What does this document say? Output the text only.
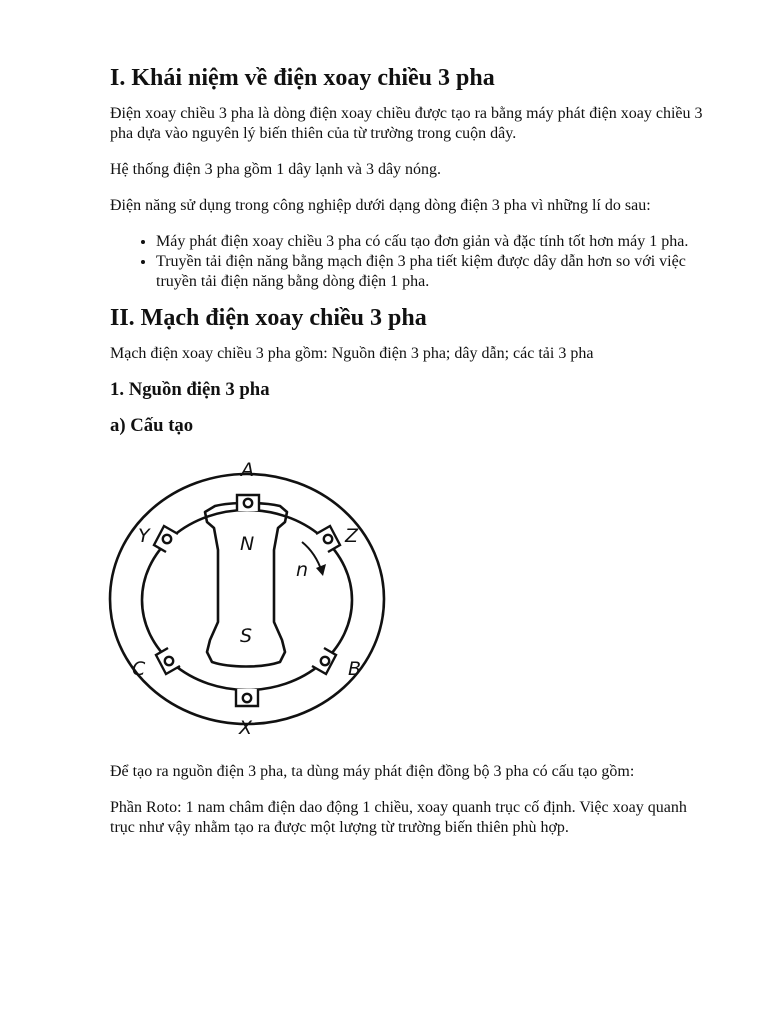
I. Khái niệm về điện xoay chiều 3 pha

Điện xoay chiều 3 pha là dòng điện xoay chiều được tạo ra bằng máy phát điện xoay chiều 3 pha dựa vào nguyên lý biến thiên của từ trường trong cuộn dây.

Hệ thống điện 3 pha gồm 1 dây lạnh và 3 dây nóng.

Điện năng sử dụng trong công nghiệp dưới dạng dòng điện 3 pha vì những lí do sau:

• Máy phát điện xoay chiều 3 pha có cấu tạo đơn giản và đặc tính tốt hơn máy 1 pha.
• Truyền tải điện năng bằng mạch điện 3 pha tiết kiệm được dây dẫn hơn so với việc truyền tải điện năng bằng dòng điện 1 pha.
II. Mạch điện xoay chiều 3 pha

Mạch điện xoay chiều 3 pha gồm: Nguồn điện 3 pha; dây dẫn; các tải 3 pha

1. Nguồn điện 3 pha
a) Cấu tạo
A
X
Y	Z
C	B
N
S
n

Để tạo ra nguồn điện 3 pha, ta dùng máy phát điện đồng bộ 3 pha có cấu tạo gồm:

Phần Roto: 1 nam châm điện dao động 1 chiều, xoay quanh trục cố định. Việc xoay quanh trục như vậy nhằm tạo ra được một lượng từ trường biến thiên phù hợp.
